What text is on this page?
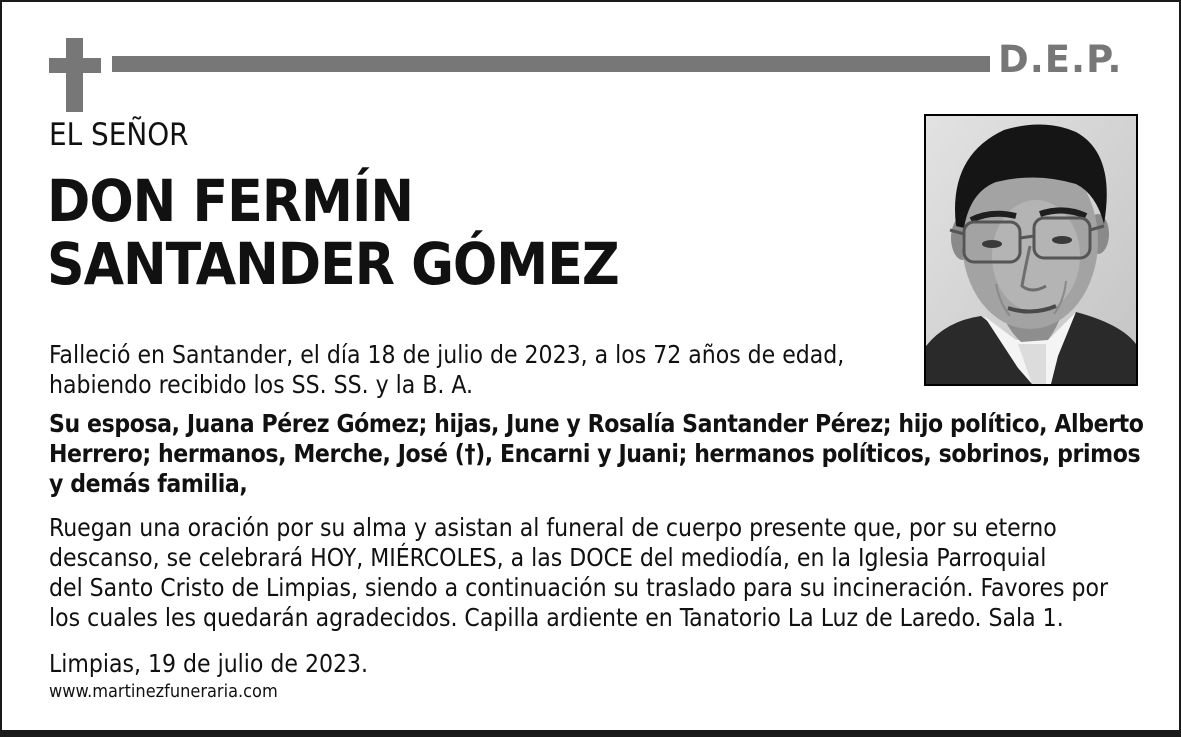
D.E.P.
EL SEÑOR
DON FERMÍN
SANTANDER GÓMEZ
Falleció en Santander, el día 18 de julio de 2023, a los 72 años de edad,
habiendo recibido los SS. SS. y la B. A.
Su esposa, Juana Pérez Gómez; hijas, June y Rosalía Santander Pérez; hijo político, Alberto
Herrero; hermanos, Merche, José (†), Encarni y Juani; hermanos políticos, sobrinos, primos
y demás familia,
Ruegan una oración por su alma y asistan al funeral de cuerpo presente que, por su eterno
descanso, se celebrará HOY, MIÉRCOLES, a las DOCE del mediodía, en la Iglesia Parroquial
del Santo Cristo de Limpias, siendo a continuación su traslado para su incineración. Favores por
los cuales les quedarán agradecidos. Capilla ardiente en Tanatorio La Luz de Laredo. Sala 1.
Limpias, 19 de julio de 2023.
www.martinezfuneraria.com
